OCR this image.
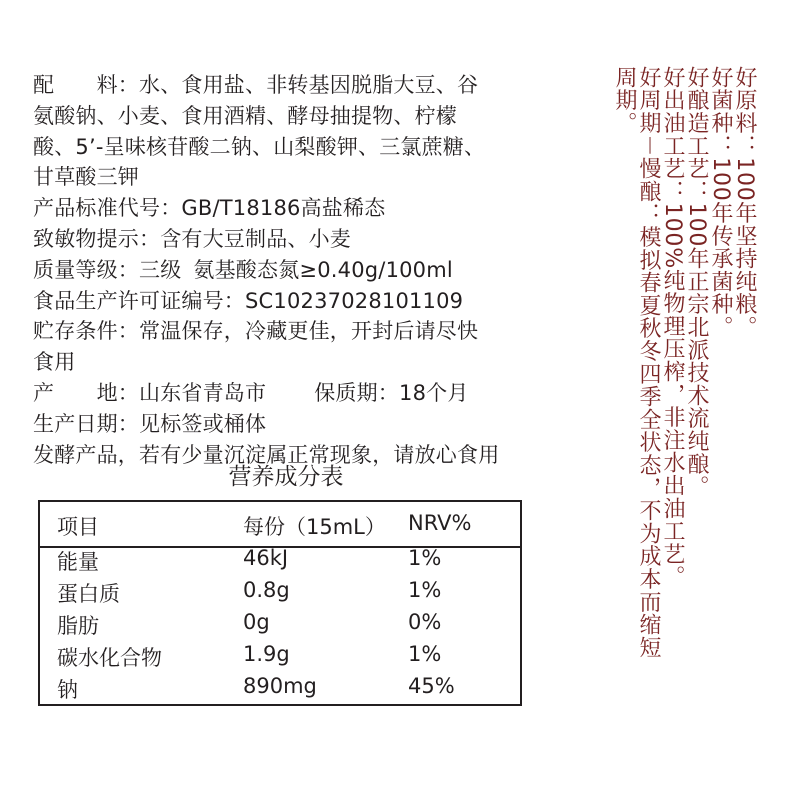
配　　料： 水、食用盐、非转基因脱脂大豆、谷
氨酸钠、小麦、食用酒精、酵母抽提物、柠檬
酸、5’-呈味核苷酸二钠、山梨酸钾、三氯蔗糖、
甘草酸三钾
产品标准代号：GB/T18186高盐稀态
致敏物提示：含有大豆制品、小麦
质量等级：三级 氨基酸态氮≥0.40g/100ml
食品生产许可证编号：SC10237028101109
贮存条件：常温保存，冷藏更佳，开封后请尽快
食用
产　　地：山东省青岛市 保质期：18个月
生产日期：见标签或桶体
发酵产品，若有少量沉淀属正常现象，请放心食用
营养成分表
项目	每份（15mL） NRV%
能量	46kJ	1%
蛋白质	0.8g	1%
脂肪	0g	0%
碳水化合物	1.9g	1%
钠	890mg	45%
好原料：100年坚持纯粮。
好菌种：100年传承菌种。
好酿造工艺：100年正宗北派技术流纯酿。
好出油工艺：100%纯物理压榨，非注水出油工艺。
好周期－慢酿：模拟春夏秋冬四季全状态，不为成本而缩短周期。
